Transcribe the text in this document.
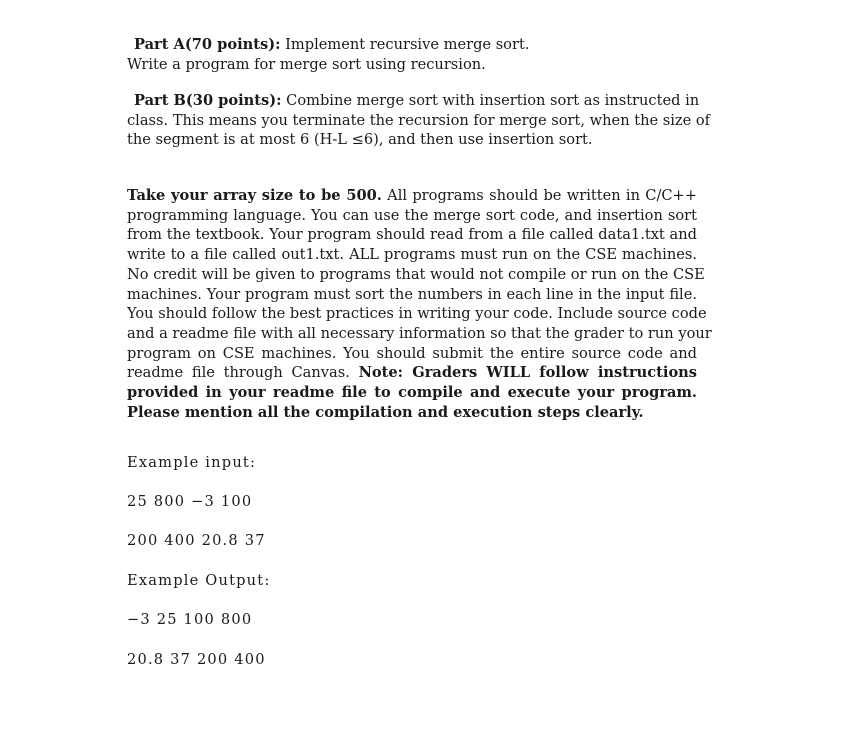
Part A(70 points): Implement recursive merge sort.
Write a program for merge sort using recursion.
Part B(30 points): Combine merge sort with insertion sort as instructed in
class. This means you terminate the recursion for merge sort, when the size of
the segment is at most 6 (H-L ≤6), and then use insertion sort.
Take your array size to be 500. All programs should be written in C/C++
programming language. You can use the merge sort code, and insertion sort
from the textbook. Your program should read from a file called data1.txt and
write to a file called out1.txt. ALL programs must run on the CSE machines.
No credit will be given to programs that would not compile or run on the CSE
machines. Your program must sort the numbers in each line in the input file.
You should follow the best practices in writing your code. Include source code
and a readme file with all necessary information so that the grader to run your
program on CSE machines. You should submit the entire source code and
readme file through Canvas. Note: Graders WILL follow instructions
provided in your readme file to compile and execute your program.
Please mention all the compilation and execution steps clearly.
Example input:
25 800 −3 100
200 400 20.8 37
Example Output:
−3 25 100 800
20.8 37 200 400
